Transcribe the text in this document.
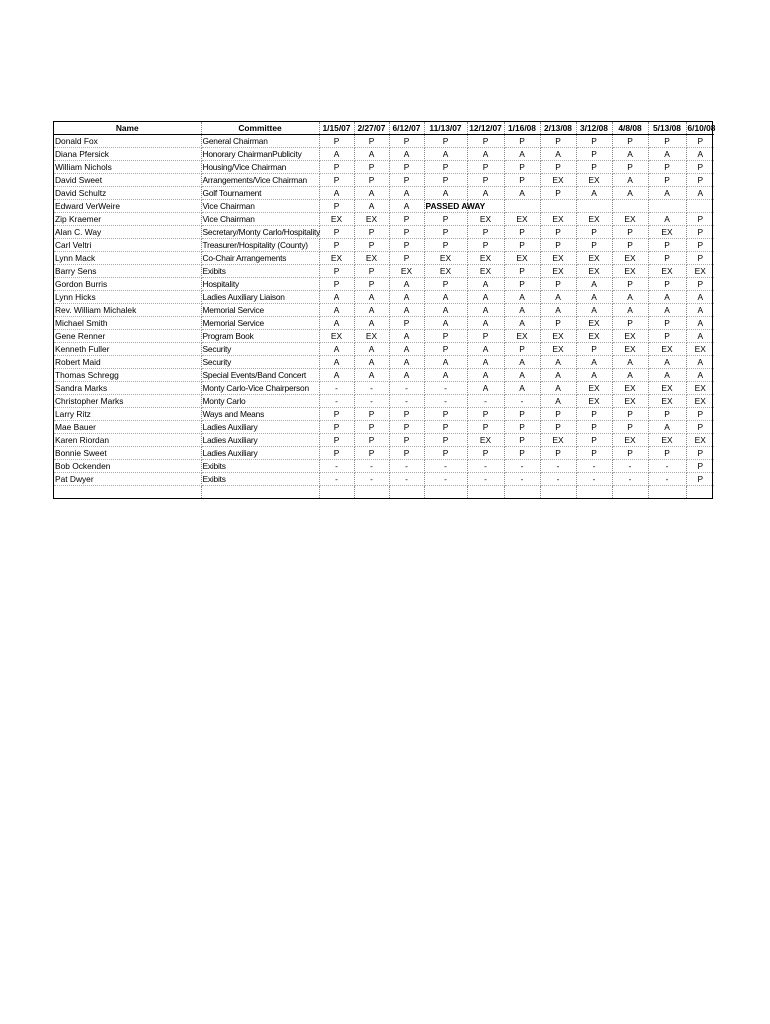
Name	Committee	1/15/07	2/27/07	6/12/07	11/13/07	12/12/07	1/16/08	2/13/08	3/12/08	4/8/08	5/13/08	6/10/08
Donald Fox	General Chairman	P	P	P	P	P	P	P	P	P	P	P
Diana Pfersick	Honorary ChairmanPublicity	A	A	A	A	A	A	A	P	A	A	A
William Nichols	Housing/Vice Chairman	P	P	P	P	P	P	P	P	P	P	P
David Sweet	Arrangements/Vice Chairman	P	P	P	P	P	P	EX	EX	A	P	P
David Schultz	Golf Tournament	A	A	A	A	A	A	P	A	A	A	A
Edward VerWeire	Vice Chairman	P	A	A	PASSED AWAY							
Zip Kraemer	Vice Chairman	EX	EX	P	P	EX	EX	EX	EX	EX	A	P
Alan C. Way	Secretary/Monty Carlo/Hospitality	P	P	P	P	P	P	P	P	P	EX	P
Carl Veltri	Treasurer/Hospitality (County)	P	P	P	P	P	P	P	P	P	P	P
Lynn Mack	Co-Chair Arrangements	EX	EX	P	EX	EX	EX	EX	EX	EX	P	P
Barry Sens	Exibits	P	P	EX	EX	EX	P	EX	EX	EX	EX	EX
Gordon Burris	Hospitality	P	P	A	P	A	P	P	A	P	P	P
Lynn Hicks	Ladies Auxiliary Liaison	A	A	A	A	A	A	A	A	A	A	A
Rev. William Michalek	Memorial Service	A	A	A	A	A	A	A	A	A	A	A
Michael Smith	Memorial Service	A	A	P	A	A	A	P	EX	P	P	A
Gene Renner	Program Book	EX	EX	A	P	P	EX	EX	EX	EX	P	A
Kenneth Fuller	Security	A	A	A	P	A	P	EX	P	EX	EX	EX
Robert Maid	Security	A	A	A	A	A	A	A	A	A	A	A
Thomas Schregg	Special Events/Band Concert	A	A	A	A	A	A	A	A	A	A	A
Sandra Marks	Monty Carlo-Vice Chairperson	-	-	-	-	A	A	A	EX	EX	EX	EX
Christopher Marks	Monty Carlo	-	-	-	-	-	-	A	EX	EX	EX	EX
Larry Ritz	Ways and Means	P	P	P	P	P	P	P	P	P	P	P
Mae Bauer	Ladies Auxiliary	P	P	P	P	P	P	P	P	P	A	P
Karen Riordan	Ladies Auxiliary	P	P	P	P	EX	P	EX	P	EX	EX	EX
Bonnie Sweet	Ladies Auxiliary	P	P	P	P	P	P	P	P	P	P	P
Bob Ockenden	Exibits	-	-	-	-	-	-	-	-	-	-	P
Pat Dwyer	Exibits	-	-	-	-	-	-	-	-	-	-	P
